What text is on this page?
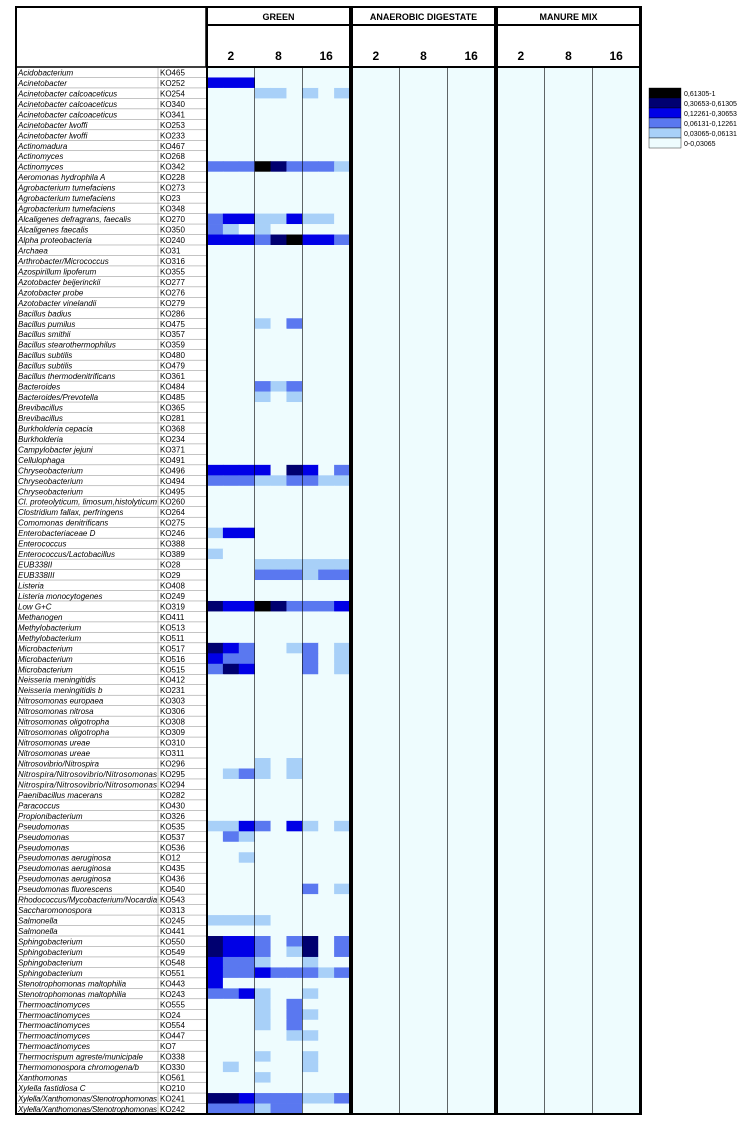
GREEN
2	8	16
ANAEROBIC DIGESTATE
2	8	16
MANURE MIX
2	8	16
Acidobacterium	KO465
Acinetobacter	KO252
Acinetobacter calcoaceticus	KO254
Acinetobacter calcoaceticus	KO340
Acinetobacter calcoaceticus	KO341
Acinetobacter lwoffi	KO253
Acinetobacter lwoffi	KO233
Actinomadura	KO467
Actinomyces	KO268
Actinomyces	KO342
Aeromonas hydrophila A	KO228
Agrobacterium tumefaciens	KO273
Agrobacterium tumefaciens	KO23
Agrobacterium tumefaciens	KO348
Alcaligenes defragrans, faecalis	KO270
Alcaligenes faecalis	KO350
Alpha proteobacteria	KO240
Archaea	KO31
Arthrobacter/Micrococcus	KO316
Azospirillum lipoferum	KO355
Azotobacter beijerinckii	KO277
Azotobacter probe	KO276
Azotobacter vinelandii	KO279
Bacillus badius	KO286
Bacillus pumilus	KO475
Bacillus smithii	KO357
Bacillus stearothermophilus	KO359
Bacillus subtilis	KO480
Bacillus subtilis	KO479
Bacillus thermodenitrificans	KO361
Bacteroides	KO484
Bacteroides/Prevotella	KO485
Brevibacillus	KO365
Brevibacillus	KO281
Burkholderia cepacia	KO368
Burkholderia	KO234
Campylobacter jejuni	KO371
Cellulophaga	KO491
Chryseobacterium	KO496
Chryseobacterium	KO494
Chryseobacterium	KO495
Cl. proteolyticum, limosum,histolyticum KO260
Clostridium fallax, perfringens	KO264
Comomonas denitrificans	KO275
Enterobacteriaceae D	KO246
Enterococcus	KO388
Enterococcus/Lactobacillus	KO389
EUB338II	KO28
EUB338III	KO29
Listeria	KO408
Listeria monocytogenes	KO249
Low G+C	KO319
Methanogen	KO411
Methylobacterium	KO513
Methylobacterium	KO511
Microbacterium	KO517
Microbacterium	KO516
Microbacterium	KO515
Neisseria meningitidis	KO412
Neisseria meningitidis b	KO231
Nitrosomonas europaea	KO303
Nitrosomonas nitrosa	KO306
Nitrosomonas oligotropha	KO308
Nitrosomonas oligotropha	KO309
Nitrosomonas ureae	KO310
Nitrosomonas ureae	KO311
Nitrosovibrio/Nitrospira	KO296
Nitrospira/Nitrosovibrio/Nitrosomonas KO295
Nitrospira/Nitrosovibrio/Nitrosomonas KO294
Paenibacillus macerans	KO282
Paracoccus	KO430
Propionibacterium	KO326
Pseudomonas	KO535
Pseudomonas	KO537
Pseudomonas	KO536
Pseudomonas aeruginosa	KO12
Pseudomonas aeruginosa	KO435
Pseudomonas aeruginosa	KO436
Pseudomonas fluorescens	KO540
Rhodococcus/Mycobacterium/Nocardia KO543
Saccharomonospora	KO313
Salmonella	KO245
Salmonella	KO441
Sphingobacterium	KO550
Sphingobacterium	KO549
Sphingobacterium	KO548
Sphingobacterium	KO551
Stenotrophomonas maltophilia	KO443
Stenotrophomonas maltophilia	KO243
Thermoactinomyces	KO555
Thermoactinomyces	KO24
Thermoactinomyces	KO554
Thermoactinomyces	KO447
Thermoactinomyces	KO7
Thermocrispum agreste/municipale KO338
Thermomonospora chromogena/b	KO330
Xanthomonas	KO561
Xylella fastidiosa C	KO210
Xylella/Xanthomonas/Stenotrophomonas KO241
Xylella/Xanthomonas/Stenotrophomonas KO242
0,61305-1
0,30653-0,61305
0,12261-0,30653
0,06131-0,12261
0,03065-0,06131
0-0,03065
